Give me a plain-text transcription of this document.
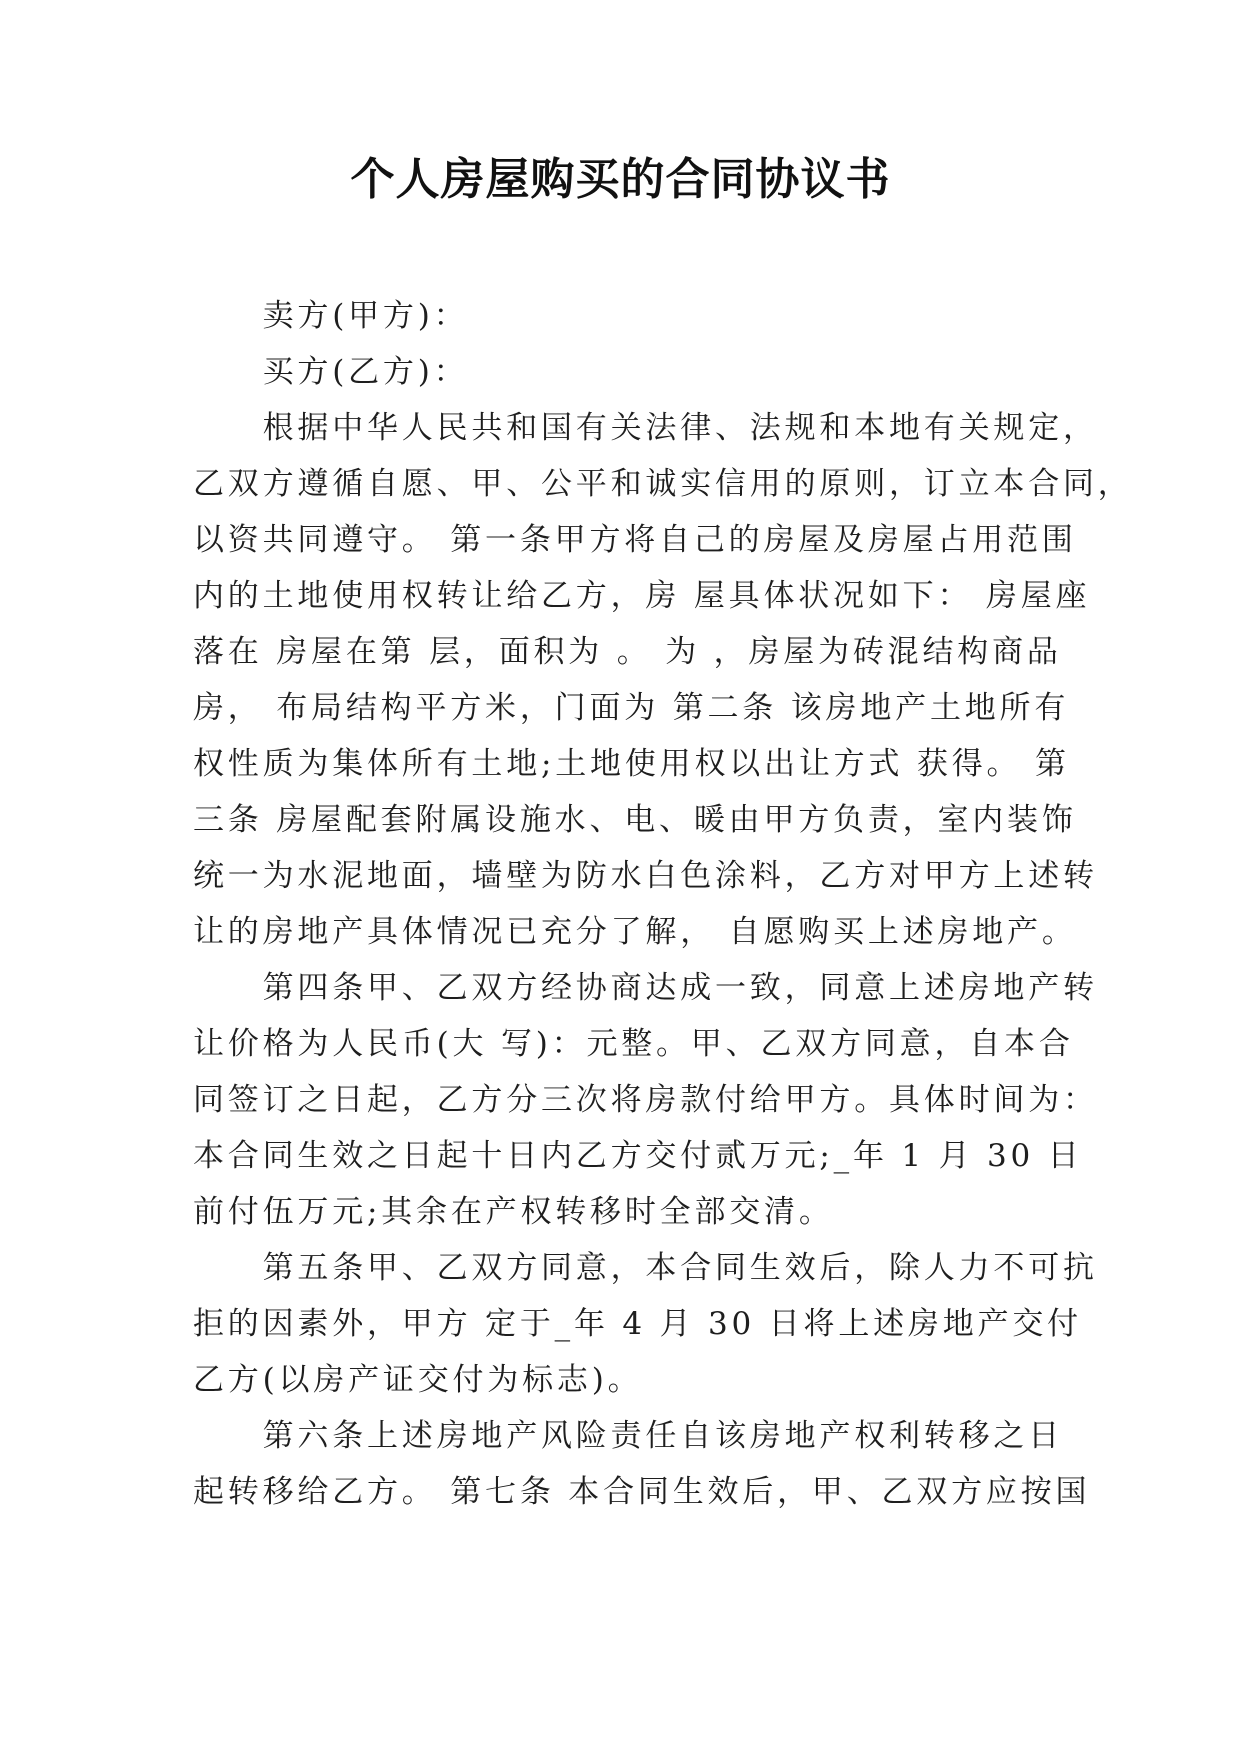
个人房屋购买的合同协议书
　　卖方(甲方)：
　　买方(乙方)：
　　根据中华人民共和国有关法律、法规和本地有关规定，
乙双方遵循自愿、甲、公平和诚实信用的原则，订立本合同，
以资共同遵守。 第一条甲方将自己的房屋及房屋占用范围
内的土地使用权转让给乙方，房 屋具体状况如下： 房屋座
落在 房屋在第 层，面积为 。 为 ，房屋为砖混结构商品
房， 布局结构平方米，门面为 第二条 该房地产土地所有
权性质为集体所有土地;土地使用权以出让方式 获得。 第
三条 房屋配套附属设施水、电、暖由甲方负责，室内装饰
统一为水泥地面，墙壁为防水白色涂料，乙方对甲方上述转
让的房地产具体情况已充分了解， 自愿购买上述房地产。
　　第四条甲、乙双方经协商达成一致，同意上述房地产转
让价格为人民币(大 写)：元整。甲、乙双方同意，自本合
同签订之日起，乙方分三次将房款付给甲方。具体时间为：
本合同生效之日起十日内乙方交付贰万元;_年 1 月 30 日
前付伍万元;其余在产权转移时全部交清。
　　第五条甲、乙双方同意，本合同生效后，除人力不可抗
拒的因素外，甲方 定于_年 4 月 30 日将上述房地产交付
乙方(以房产证交付为标志)。
　　第六条上述房地产风险责任自该房地产权利转移之日
起转移给乙方。 第七条 本合同生效后，甲、乙双方应按国
